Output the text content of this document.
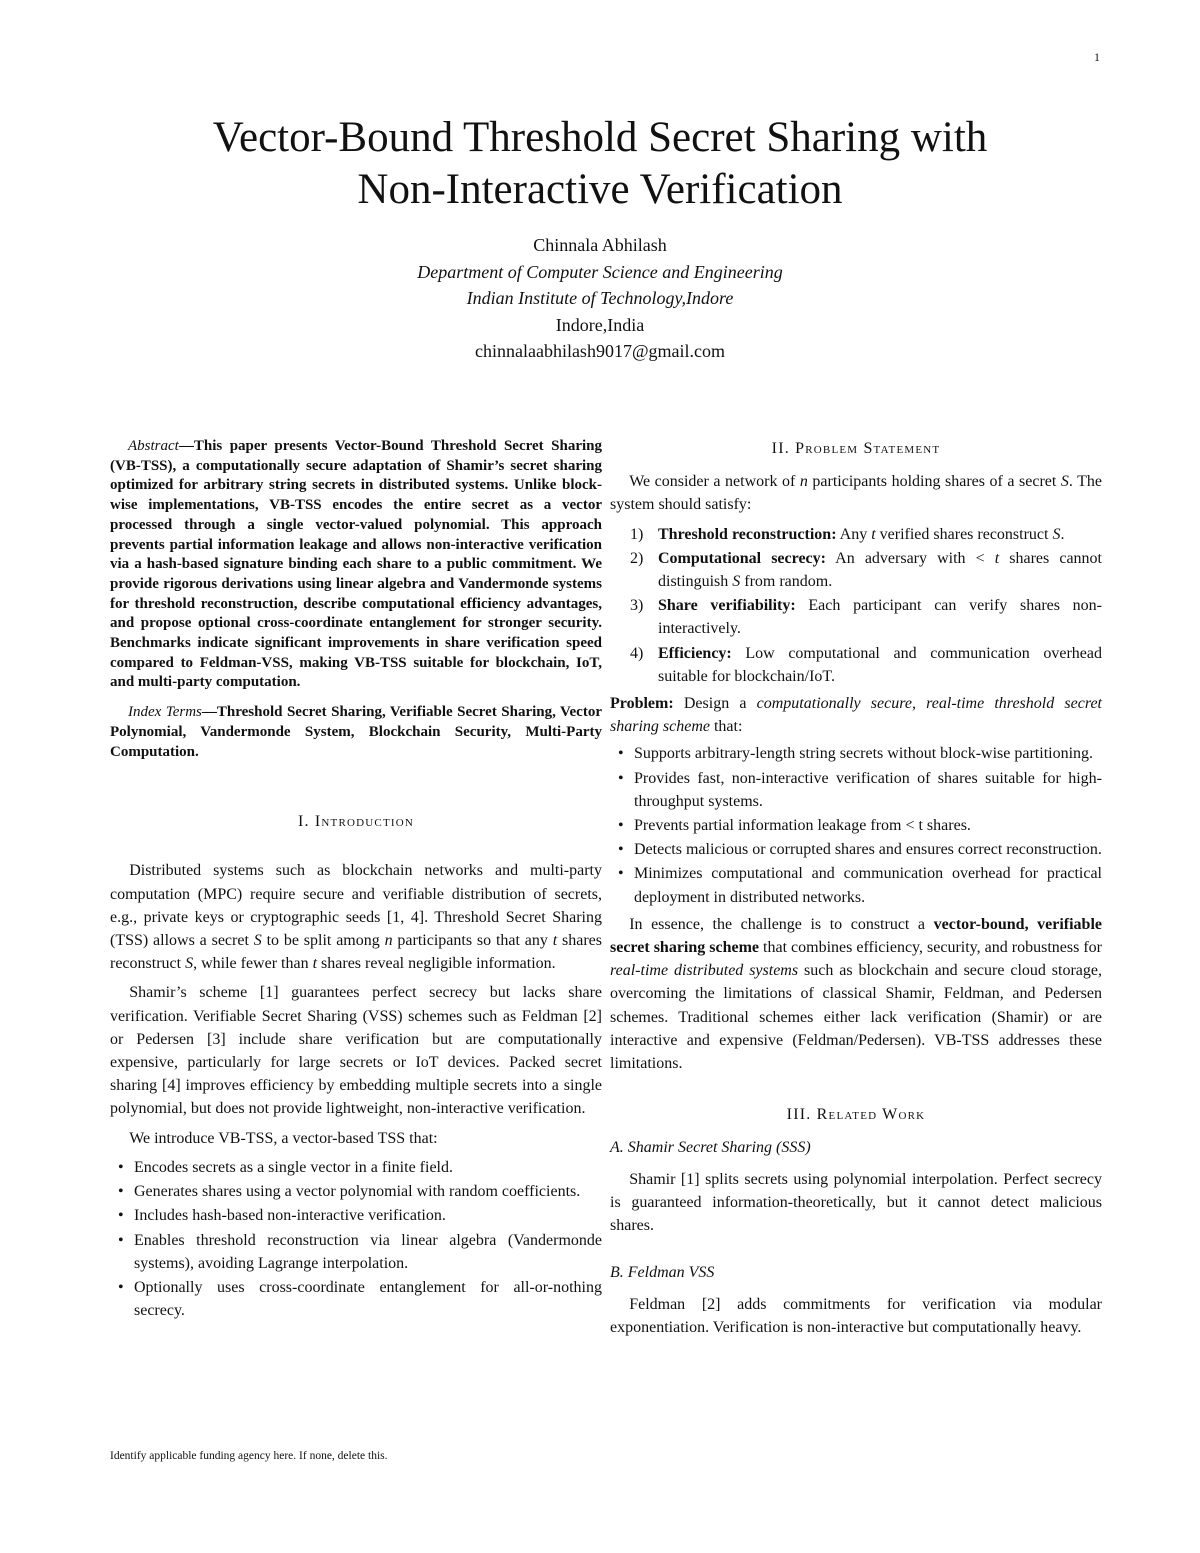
1
Vector-Bound Threshold Secret Sharing with
Non-Interactive Verification
Chinnala Abhilash
Department of Computer Science and Engineering
Indian Institute of Technology,Indore
Indore,India
chinnalaabhilash9017@gmail.com

Abstract—This paper presents Vector-Bound Threshold Secret Sharing (VB-TSS), a computationally secure adaptation of Shamir’s secret sharing optimized for arbitrary string secrets in distributed systems. Unlike block-wise implementations, VB-TSS encodes the entire secret as a vector processed through a single vector-valued polynomial. This approach prevents partial information leakage and allows non-interactive verification via a hash-based signature binding each share to a public commitment. We provide rigorous derivations using linear algebra and Vandermonde systems for threshold reconstruction, describe computational efficiency advantages, and propose optional cross-coordinate entanglement for stronger security. Benchmarks indicate significant improvements in share verification speed compared to Feldman-VSS, making VB-TSS suitable for blockchain, IoT, and multi-party computation.

Index Terms—Threshold Secret Sharing, Verifiable Secret Sharing, Vector Polynomial, Vandermonde System, Blockchain Security, Multi-Party Computation.

I. Introduction

Distributed systems such as blockchain networks and multi-party computation (MPC) require secure and verifiable distribution of secrets, e.g., private keys or cryptographic seeds [1, 4]. Threshold Secret Sharing (TSS) allows a secret S to be split among n participants so that any t shares reconstruct S, while fewer than t shares reveal negligible information.

Shamir’s scheme [1] guarantees perfect secrecy but lacks share verification. Verifiable Secret Sharing (VSS) schemes such as Feldman [2] or Pedersen [3] include share verification but are computationally expensive, particularly for large secrets or IoT devices. Packed secret sharing [4] improves efficiency by embedding multiple secrets into a single polynomial, but does not provide lightweight, non-interactive verification.

We introduce VB-TSS, a vector-based TSS that:

• Encodes secrets as a single vector in a finite field.
• Generates shares using a vector polynomial with random coefficients.
• Includes hash-based non-interactive verification.
• Enables threshold reconstruction via linear algebra (Vandermonde systems), avoiding Lagrange interpolation.
• Optionally uses cross-coordinate entanglement for all-or-nothing secrecy.
Identify applicable funding agency here. If none, delete this.
II. Problem Statement

We consider a network of n participants holding shares of a secret S. The system should satisfy:

1) Threshold reconstruction: Any t verified shares reconstruct S.
2) Computational secrecy: An adversary with < t shares cannot distinguish S from random.
3) Share verifiability: Each participant can verify shares non-interactively.
4) Efficiency: Low computational and communication overhead suitable for blockchain/IoT.

Problem: Design a computationally secure, real-time threshold secret sharing scheme that:

• Supports arbitrary-length string secrets without block-wise partitioning.
• Provides fast, non-interactive verification of shares suitable for high-throughput systems.
• Prevents partial information leakage from < t shares.
• Detects malicious or corrupted shares and ensures correct reconstruction.
• Minimizes computational and communication overhead for practical deployment in distributed networks.

In essence, the challenge is to construct a vector-bound, verifiable secret sharing scheme that combines efficiency, security, and robustness for real-time distributed systems such as blockchain and secure cloud storage, overcoming the limitations of classical Shamir, Feldman, and Pedersen schemes. Traditional schemes either lack verification (Shamir) or are interactive and expensive (Feldman/Pedersen). VB-TSS addresses these limitations.

III. Related Work
A. Shamir Secret Sharing (SSS)

Shamir [1] splits secrets using polynomial interpolation. Perfect secrecy is guaranteed information-theoretically, but it cannot detect malicious shares.

B. Feldman VSS

Feldman [2] adds commitments for verification via modular exponentiation. Verification is non-interactive but computationally heavy.
